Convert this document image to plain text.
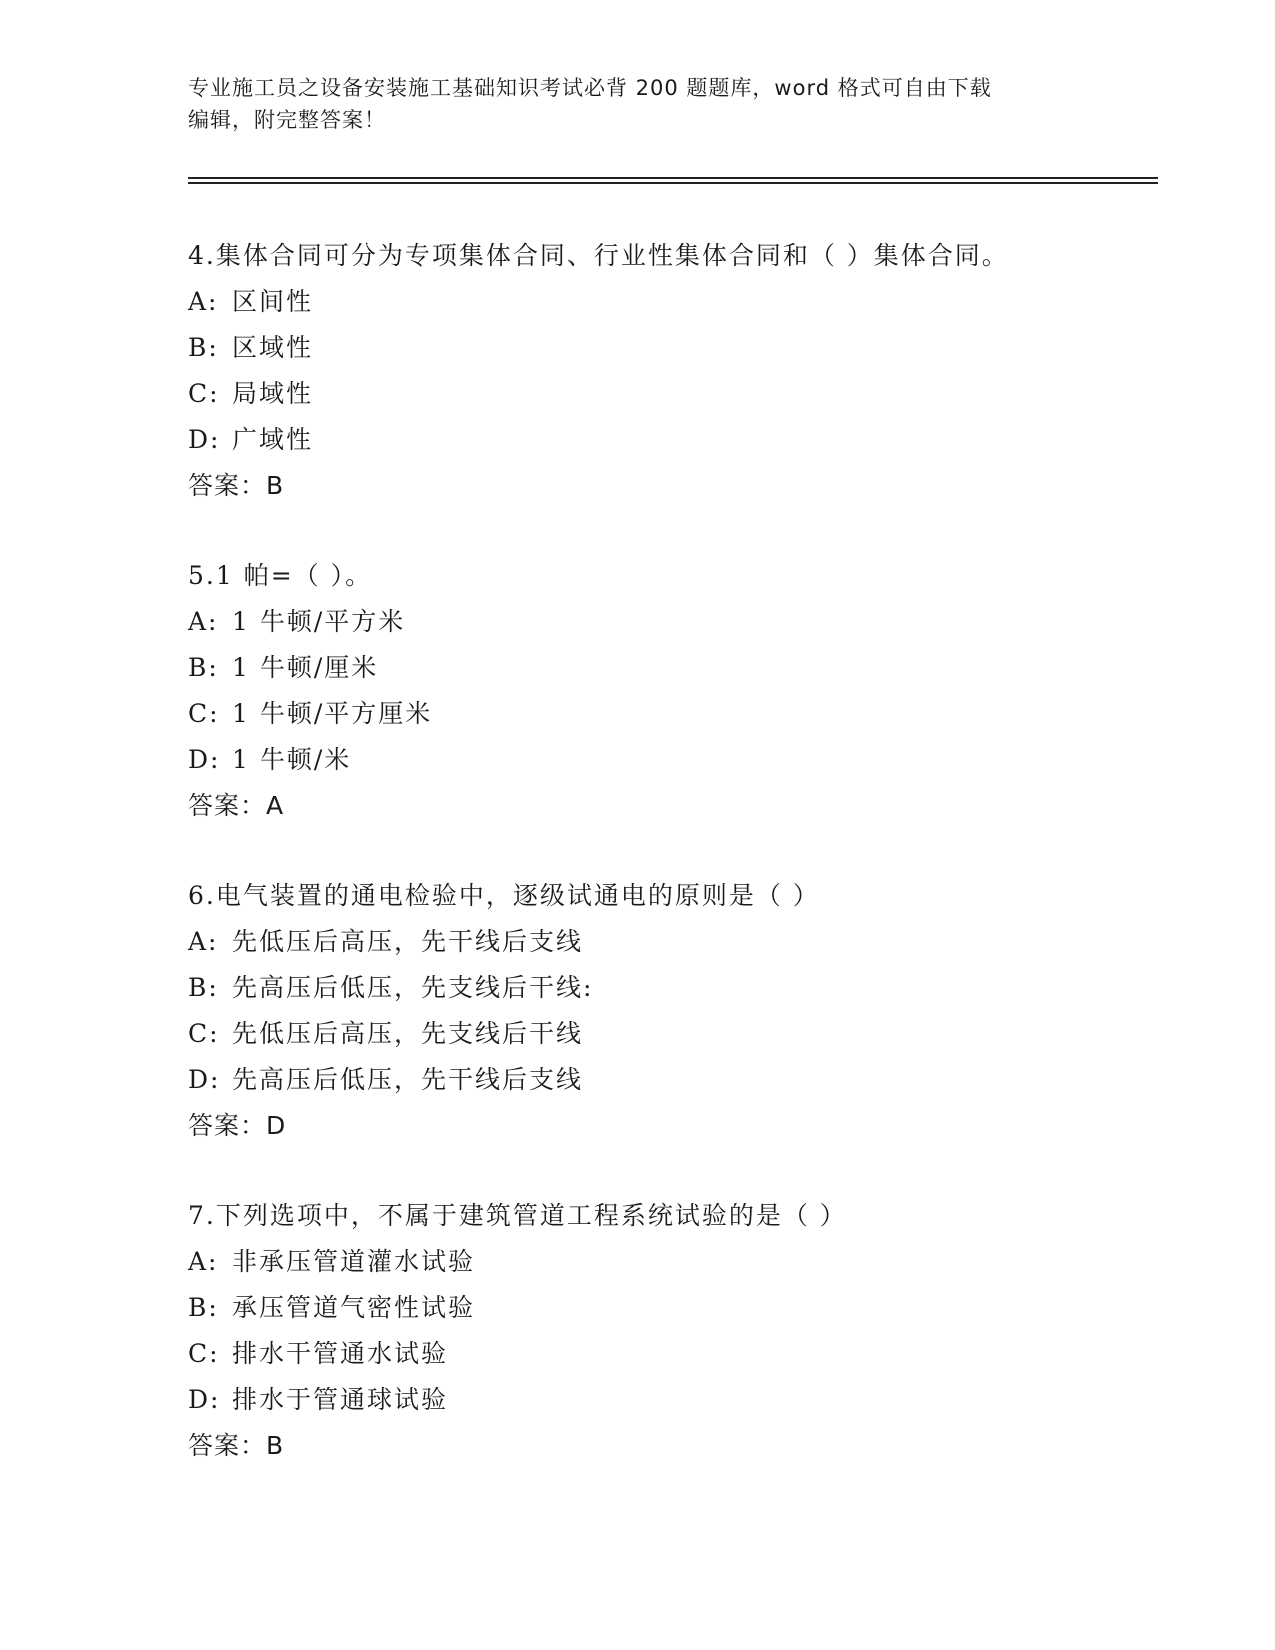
专业施工员之设备安装施工基础知识考试必背 200 题题库，word 格式可自由下载
编辑，附完整答案！
4.集体合同可分为专项集体合同、行业性集体合同和（ ）集体合同。
A: 区间性
B: 区域性
C: 局域性
D: 广域性
答案：B
5.1 帕=（ ）。
A: 1 牛顿/平方米
B: 1 牛顿/厘米
C: 1 牛顿/平方厘米
D: 1 牛顿/米
答案：A
6.电气装置的通电检验中，逐级试通电的原则是（ ）
A: 先低压后高压，先干线后支线
B: 先高压后低压，先支线后干线:
C: 先低压后高压，先支线后干线
D: 先高压后低压，先干线后支线
答案：D
7.下列选项中，不属于建筑管道工程系统试验的是（ ）
A: 非承压管道灌水试验
B: 承压管道气密性试验
C: 排水干管通水试验
D: 排水于管通球试验
答案：B
